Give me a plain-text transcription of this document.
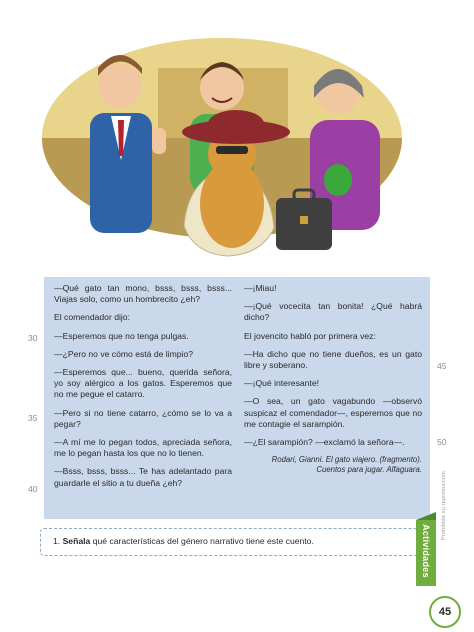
30
35
40
45
50

—Qué gato tan mono, bsss, bsss, bsss... Viajas solo, como un hombrecito ¿eh?

El comendador dijo:

—Esperemos que no tenga pulgas.

—¿Pero no ve cómo está de limpio?

—Esperemos que... bueno, querida señora, yo soy alérgico a los gatos. Esperemos que no me pegue el catarro.

—Pero si no tiene catarro, ¿cómo se lo va a pegar?

—A mí me lo pegan todos, apreciada señora, me lo pegan hasta los que no lo tienen.

—Bsss, bsss, bsss... Te has adelantado para guardarle el sitio a tu dueña ¿eh?

—¡Miau!

—¡Qué vocecita tan bonita! ¿Qué habrá dicho?

El jovencito habló por primera vez:

—Ha dicho que no tiene dueños, es un gato libre y soberano.

—¡Qué interesante!

—O sea, un gato vagabundo —observó suspicaz el comendador—, esperemos que no me contagie el sarampión.

—¿El sarampión? —exclamó la señora—.

Rodari, Gianni. El gato viajero. (fragmento).
Cuentos para jugar. Alfaguara.
1. Señala qué características del género narrativo tiene este cuento.	Actividades
Prohibida su reproducción
45
